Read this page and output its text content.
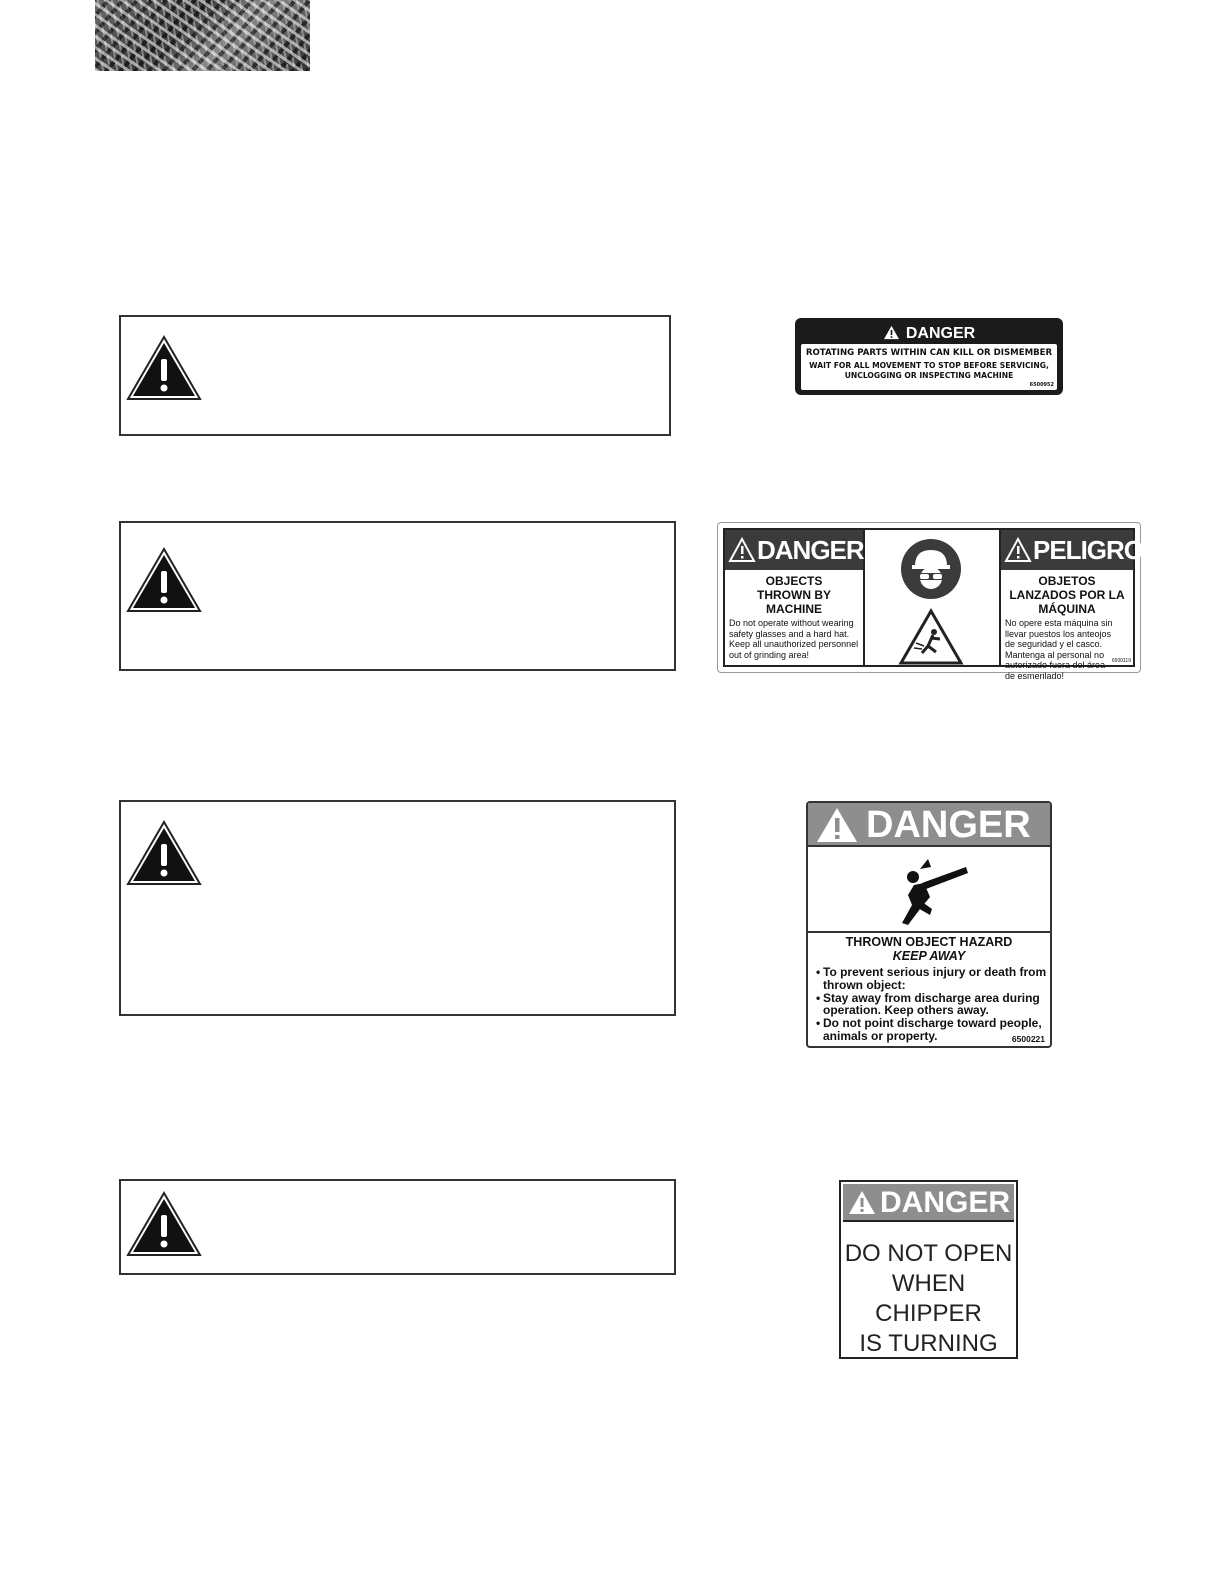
DANGER
ROTATING PARTS WITHIN CAN KILL OR DISMEMBER
WAIT FOR ALL MOVEMENT TO STOP BEFORE SERVICING,
UNCLOGGING OR INSPECTING MACHINE
6500952
DANGER
OBJECTS THROWN BY MACHINE
Do not operate without wearing safety glasses and a hard hat. Keep all unauthorized personnel out of grinding area!
PELIGRO
OBJETOS LANZADOS POR LA MÁQUINA
No opere esta máquina sin llevar puestos los anteojos de seguridad y el casco. Mantenga al personal no autorizado fuera del área de esmerilado!
6500119
DANGER
THROWN OBJECT HAZARD
KEEP AWAY
• To prevent serious injury or death from thrown object:
• Stay away from discharge area during operation. Keep others away.
• Do not point discharge toward people, animals or property.	6500221
DANGER
DO NOT OPEN
WHEN CHIPPER
IS TURNING
